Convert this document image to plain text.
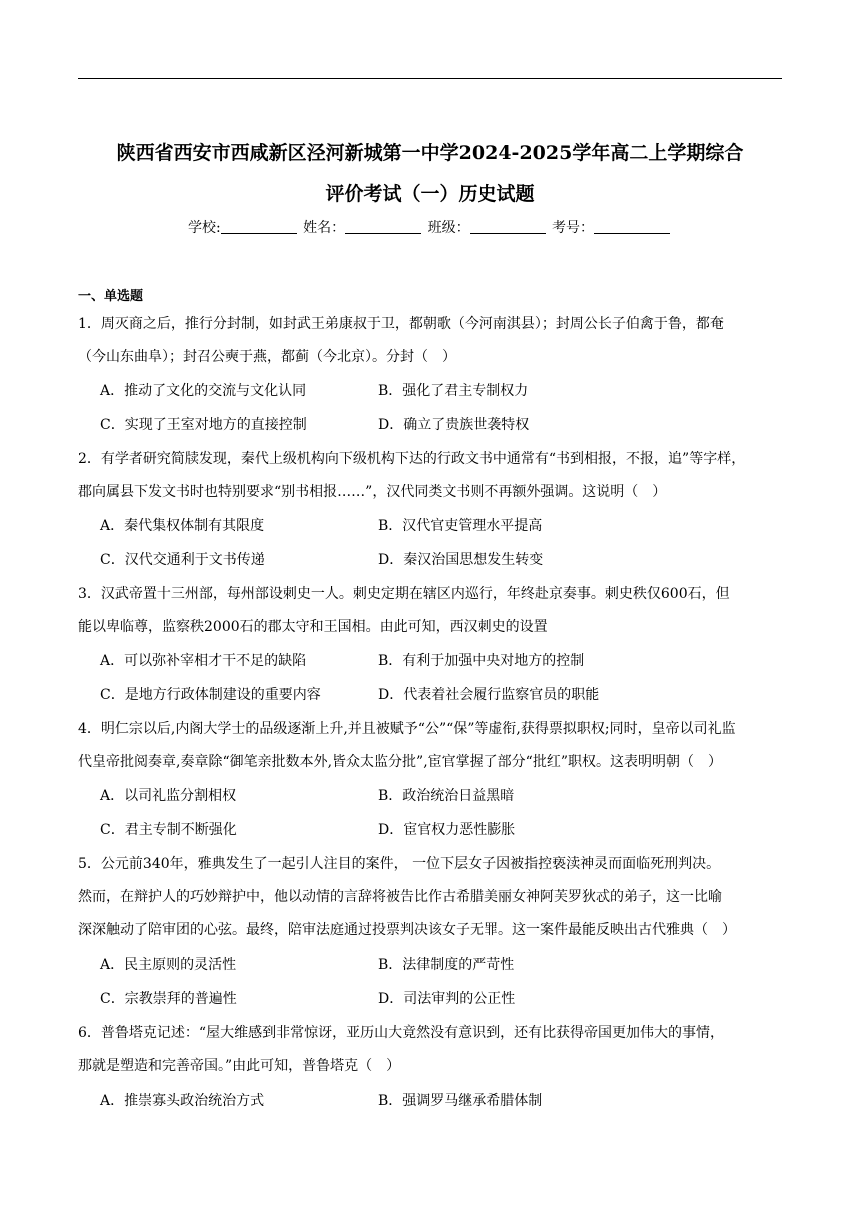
陕西省西安市西咸新区泾河新城第一中学2024-2025学年高二上学期综合
评价考试（一）历史试题
学校:	姓名：	班级：	考号：
一、单选题
1．周灭商之后，推行分封制，如封武王弟康叔于卫，都朝歌（今河南淇县）；封周公长子伯禽于鲁，都奄
（今山东曲阜）；封召公奭于燕，都蓟（今北京）。分封（　）
A．推动了文化的交流与文化认同	B．强化了君主专制权力
C．实现了王室对地方的直接控制	D．确立了贵族世袭特权
2．有学者研究简牍发现，秦代上级机构向下级机构下达的行政文书中通常有“书到相报，不报，追”等字样，
郡向属县下发文书时也特别要求“别书相报……”，汉代同类文书则不再额外强调。这说明（　）
A．秦代集权体制有其限度	B．汉代官吏管理水平提高
C．汉代交通利于文书传递	D．秦汉治国思想发生转变
3．汉武帝置十三州部，每州部设刺史一人。刺史定期在辖区内巡行，年终赴京奏事。刺史秩仅600石，但
能以卑临尊，监察秩2000石的郡太守和王国相。由此可知，西汉刺史的设置
A．可以弥补宰相才干不足的缺陷	B．有利于加强中央对地方的控制
C．是地方行政体制建设的重要内容	D．代表着社会履行监察官员的职能
4．明仁宗以后,内阁大学士的品级逐渐上升,并且被赋予“公”“保”等虚衔,获得票拟职权;同时，皇帝以司礼监
代皇帝批阅奏章,奏章除“御笔亲批数本外,皆众太监分批”,宦官掌握了部分“批红”职权。这表明明朝（　）
A．以司礼监分割相权	B．政治统治日益黑暗
C．君主专制不断强化	D．宦官权力恶性膨胀
5．公元前340年，雅典发生了一起引人注目的案件， 一位下层女子因被指控亵渎神灵而面临死刑判决。
然而，在辩护人的巧妙辩护中，他以动情的言辞将被告比作古希腊美丽女神阿芙罗狄忒的弟子，这一比喻
深深触动了陪审团的心弦。最终，陪审法庭通过投票判决该女子无罪。这一案件最能反映出古代雅典（　）
A．民主原则的灵活性	B．法律制度的严苛性
C．宗教崇拜的普遍性	D．司法审判的公正性
6．普鲁塔克记述：“屋大维感到非常惊讶，亚历山大竟然没有意识到，还有比获得帝国更加伟大的事情，
那就是塑造和完善帝国。”由此可知，普鲁塔克（　）
A．推崇寡头政治统治方式	B．强调罗马继承希腊体制
